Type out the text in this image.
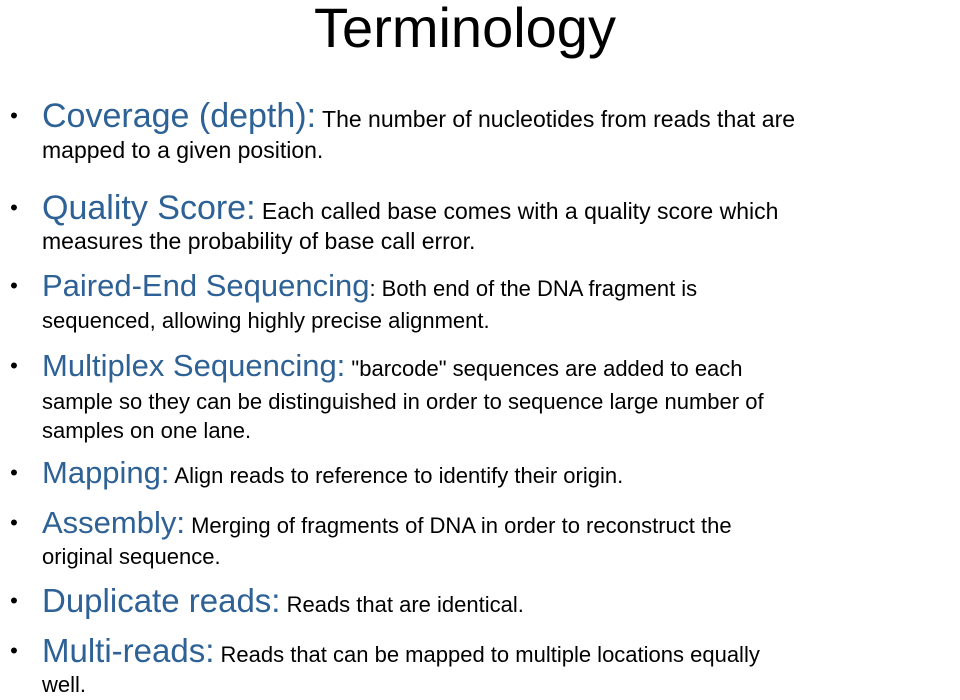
Terminology
• Coverage (depth): The number of nucleotides from reads that are
mapped to a given position.
• Quality Score: Each called base comes with a quality score which
measures the probability of base call error.
• Paired-End Sequencing: Both end of the DNA fragment is
sequenced, allowing highly precise alignment.
• Multiplex Sequencing: "barcode" sequences are added to each
sample so they can be distinguished in order to sequence large number of
samples on one lane.
• Mapping: Align reads to reference to identify their origin.
• Assembly: Merging of fragments of DNA in order to reconstruct the
original sequence.
• Duplicate reads: Reads that are identical.
• Multi-reads: Reads that can be mapped to multiple locations equally
well.
